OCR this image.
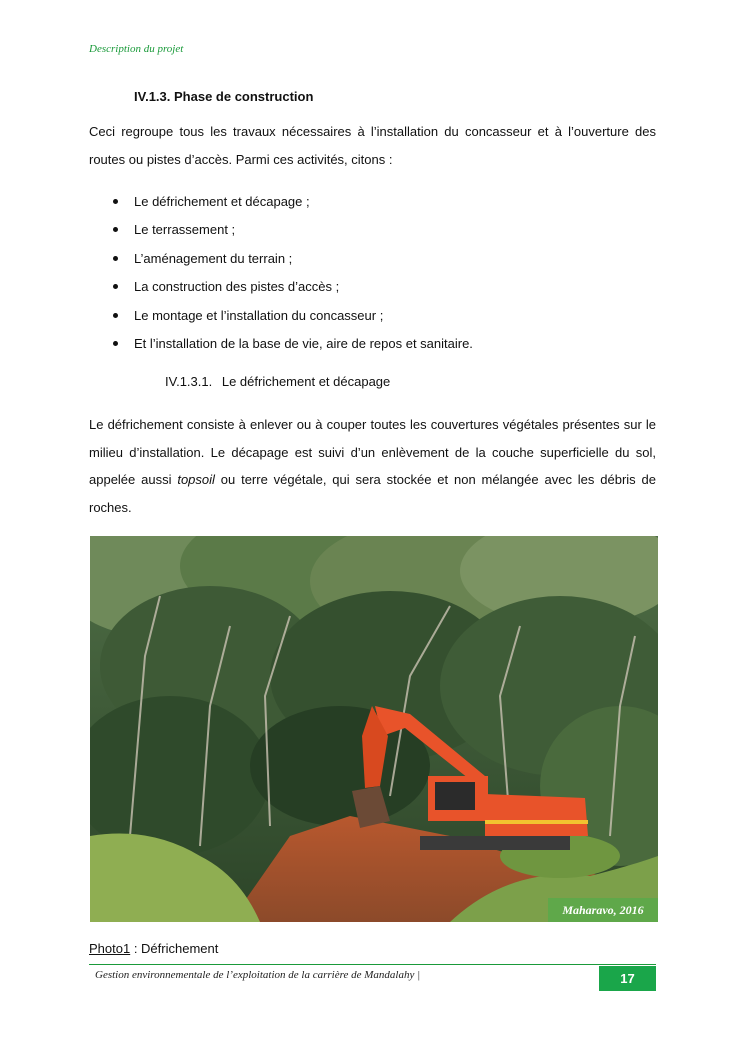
Description du projet
IV.1.3. Phase de construction
Ceci regroupe tous les travaux nécessaires à l’installation du concasseur et à l’ouverture des routes ou pistes d’accès. Parmi ces activités, citons :
Le défrichement et décapage ;
Le terrassement ;
L’aménagement du terrain ;
La construction des pistes d’accès ;
Le montage et l’installation du concasseur ;
Et l’installation de la base de vie, aire de repos et sanitaire.
IV.1.3.1. Le défrichement et décapage
Le défrichement consiste à enlever ou à couper toutes les couvertures végétales présentes sur le milieu d’installation. Le décapage est suivi d’un enlèvement de la couche superficielle du sol, appelée aussi topsoil ou terre végétale, qui sera stockée et non mélangée avec les débris de roches.
Maharavo, 2016
Photo1 : Défrichement
Gestion environnementale de l’exploitation de la carrière de Mandalahy |	17
